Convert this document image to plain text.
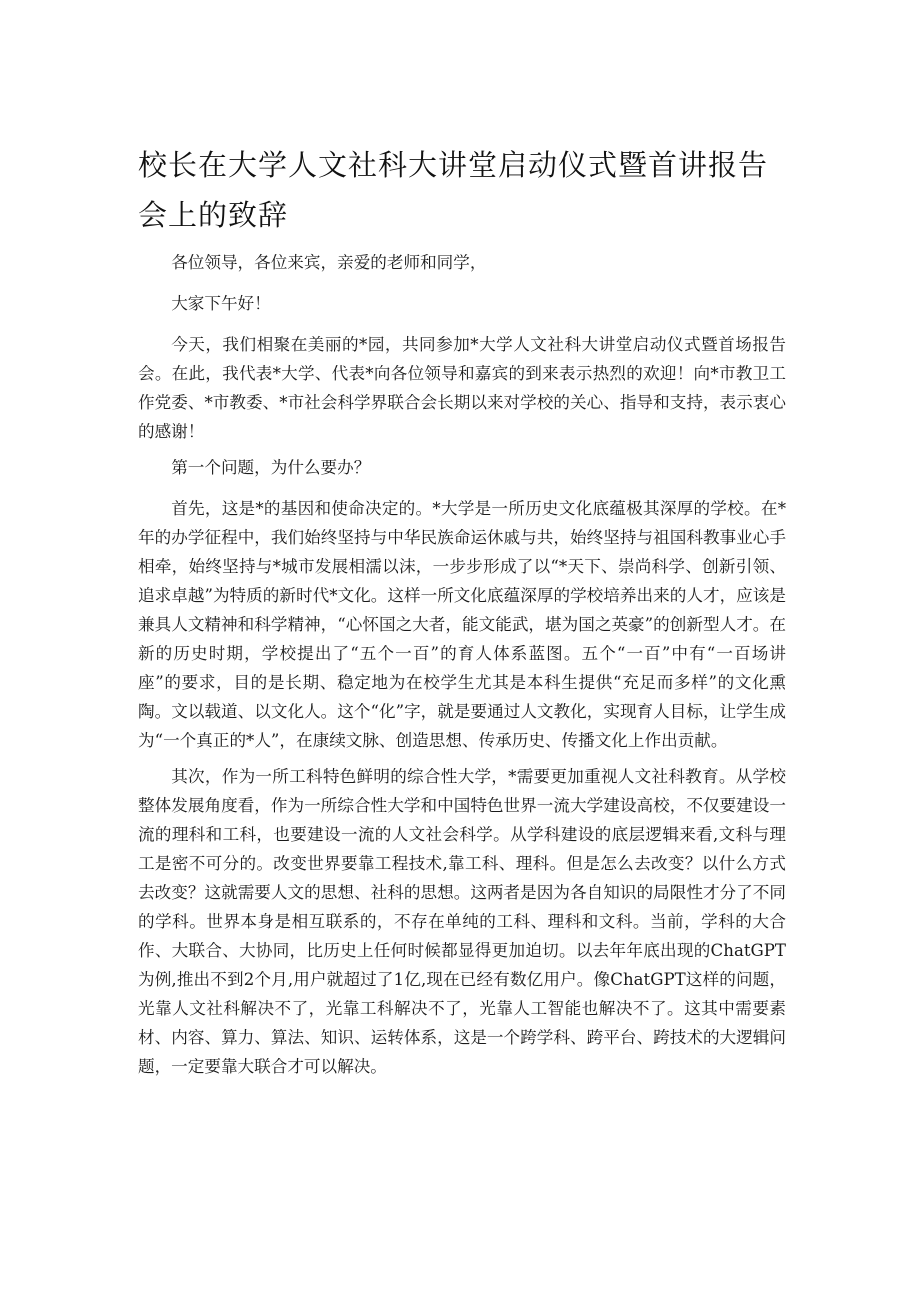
校长在大学人文社科大讲堂启动仪式暨首讲报告会上的致辞

各位领导，各位来宾，亲爱的老师和同学，

大家下午好！

今天，我们相聚在美丽的*园，共同参加*大学人文社科大讲堂启动仪式暨首场报告会。在此，我代表*大学、代表*向各位领导和嘉宾的到来表示热烈的欢迎！向*市教卫工作党委、*市教委、*市社会科学界联合会长期以来对学校的关心、指导和支持，表示衷心的感谢！

第一个问题，为什么要办？

首先，这是*的基因和使命决定的。*大学是一所历史文化底蕴极其深厚的学校。在*年的办学征程中，我们始终坚持与中华民族命运休戚与共，始终坚持与祖国科教事业心手相牵，始终坚持与*城市发展相濡以沫，一步步形成了以“*天下、崇尚科学、创新引领、追求卓越”为特质的新时代*文化。这样一所文化底蕴深厚的学校培养出来的人才，应该是兼具人文精神和科学精神，“心怀国之大者，能文能武，堪为国之英豪”的创新型人才。在新的历史时期，学校提出了“五个一百”的育人体系蓝图。五个“一百”中有“一百场讲座”的要求，目的是长期、稳定地为在校学生尤其是本科生提供“充足而多样”的文化熏陶。文以载道、以文化人。这个“化”字，就是要通过人文教化，实现育人目标，让学生成为“一个真正的*人”，在康续文脉、创造思想、传承历史、传播文化上作出贡献。

其次，作为一所工科特色鲜明的综合性大学，*需要更加重视人文社科教育。从学校整体发展角度看，作为一所综合性大学和中国特色世界一流大学建设高校，不仅要建设一流的理科和工科，也要建设一流的人文社会科学。从学科建设的底层逻辑来看,文科与理工是密不可分的。改变世界要靠工程技术,靠工科、理科。但是怎么去改变？以什么方式去改变？这就需要人文的思想、社科的思想。这两者是因为各自知识的局限性才分了不同的学科。世界本身是相互联系的，不存在单纯的工科、理科和文科。当前，学科的大合作、大联合、大协同，比历史上任何时候都显得更加迫切。以去年年底出现的ChatGPT为例,推出不到2个月,用户就超过了1亿,现在已经有数亿用户。像ChatGPT这样的问题，光靠人文社科解决不了，光靠工科解决不了，光靠人工智能也解决不了。这其中需要素材、内容、算力、算法、知识、运转体系，这是一个跨学科、跨平台、跨技术的大逻辑问题，一定要靠大联合才可以解决。
